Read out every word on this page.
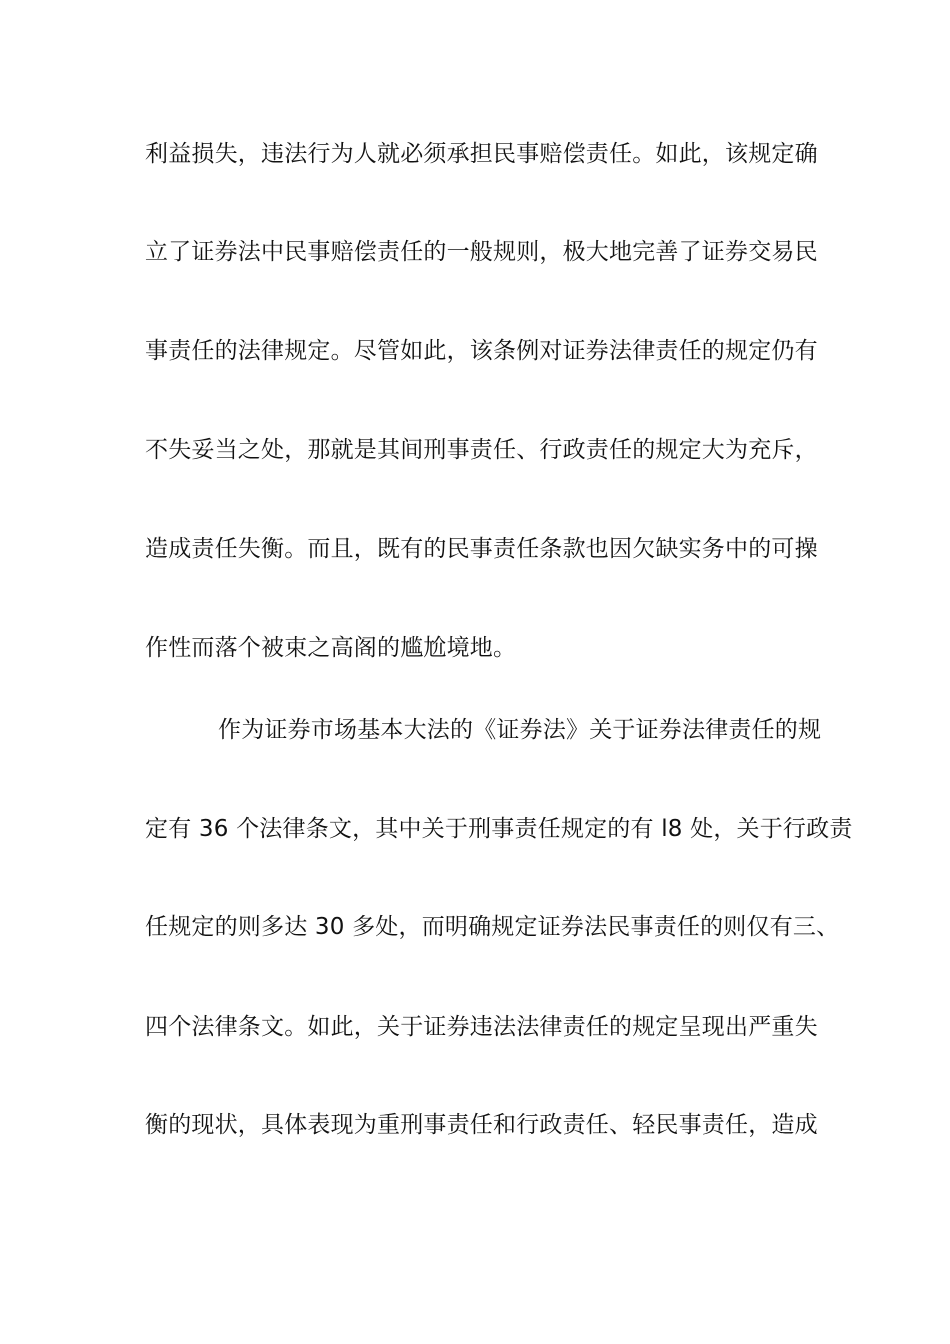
利益损失，违法行为人就必须承担民事赔偿责任。如此，该规定确
立了证券法中民事赔偿责任的一般规则，极大地完善了证券交易民
事责任的法律规定。尽管如此，该条例对证券法律责任的规定仍有
不失妥当之处，那就是其间刑事责任、行政责任的规定大为充斥，
造成责任失衡。而且，既有的民事责任条款也因欠缺实务中的可操
作性而落个被束之高阁的尴尬境地。
作为证券市场基本大法的《证券法》关于证券法律责任的规
定有 36 个法律条文，其中关于刑事责任规定的有 l8 处，关于行政责
任规定的则多达 30 多处，而明确规定证券法民事责任的则仅有三、
四个法律条文。如此，关于证券违法法律责任的规定呈现出严重失
衡的现状，具体表现为重刑事责任和行政责任、轻民事责任，造成
